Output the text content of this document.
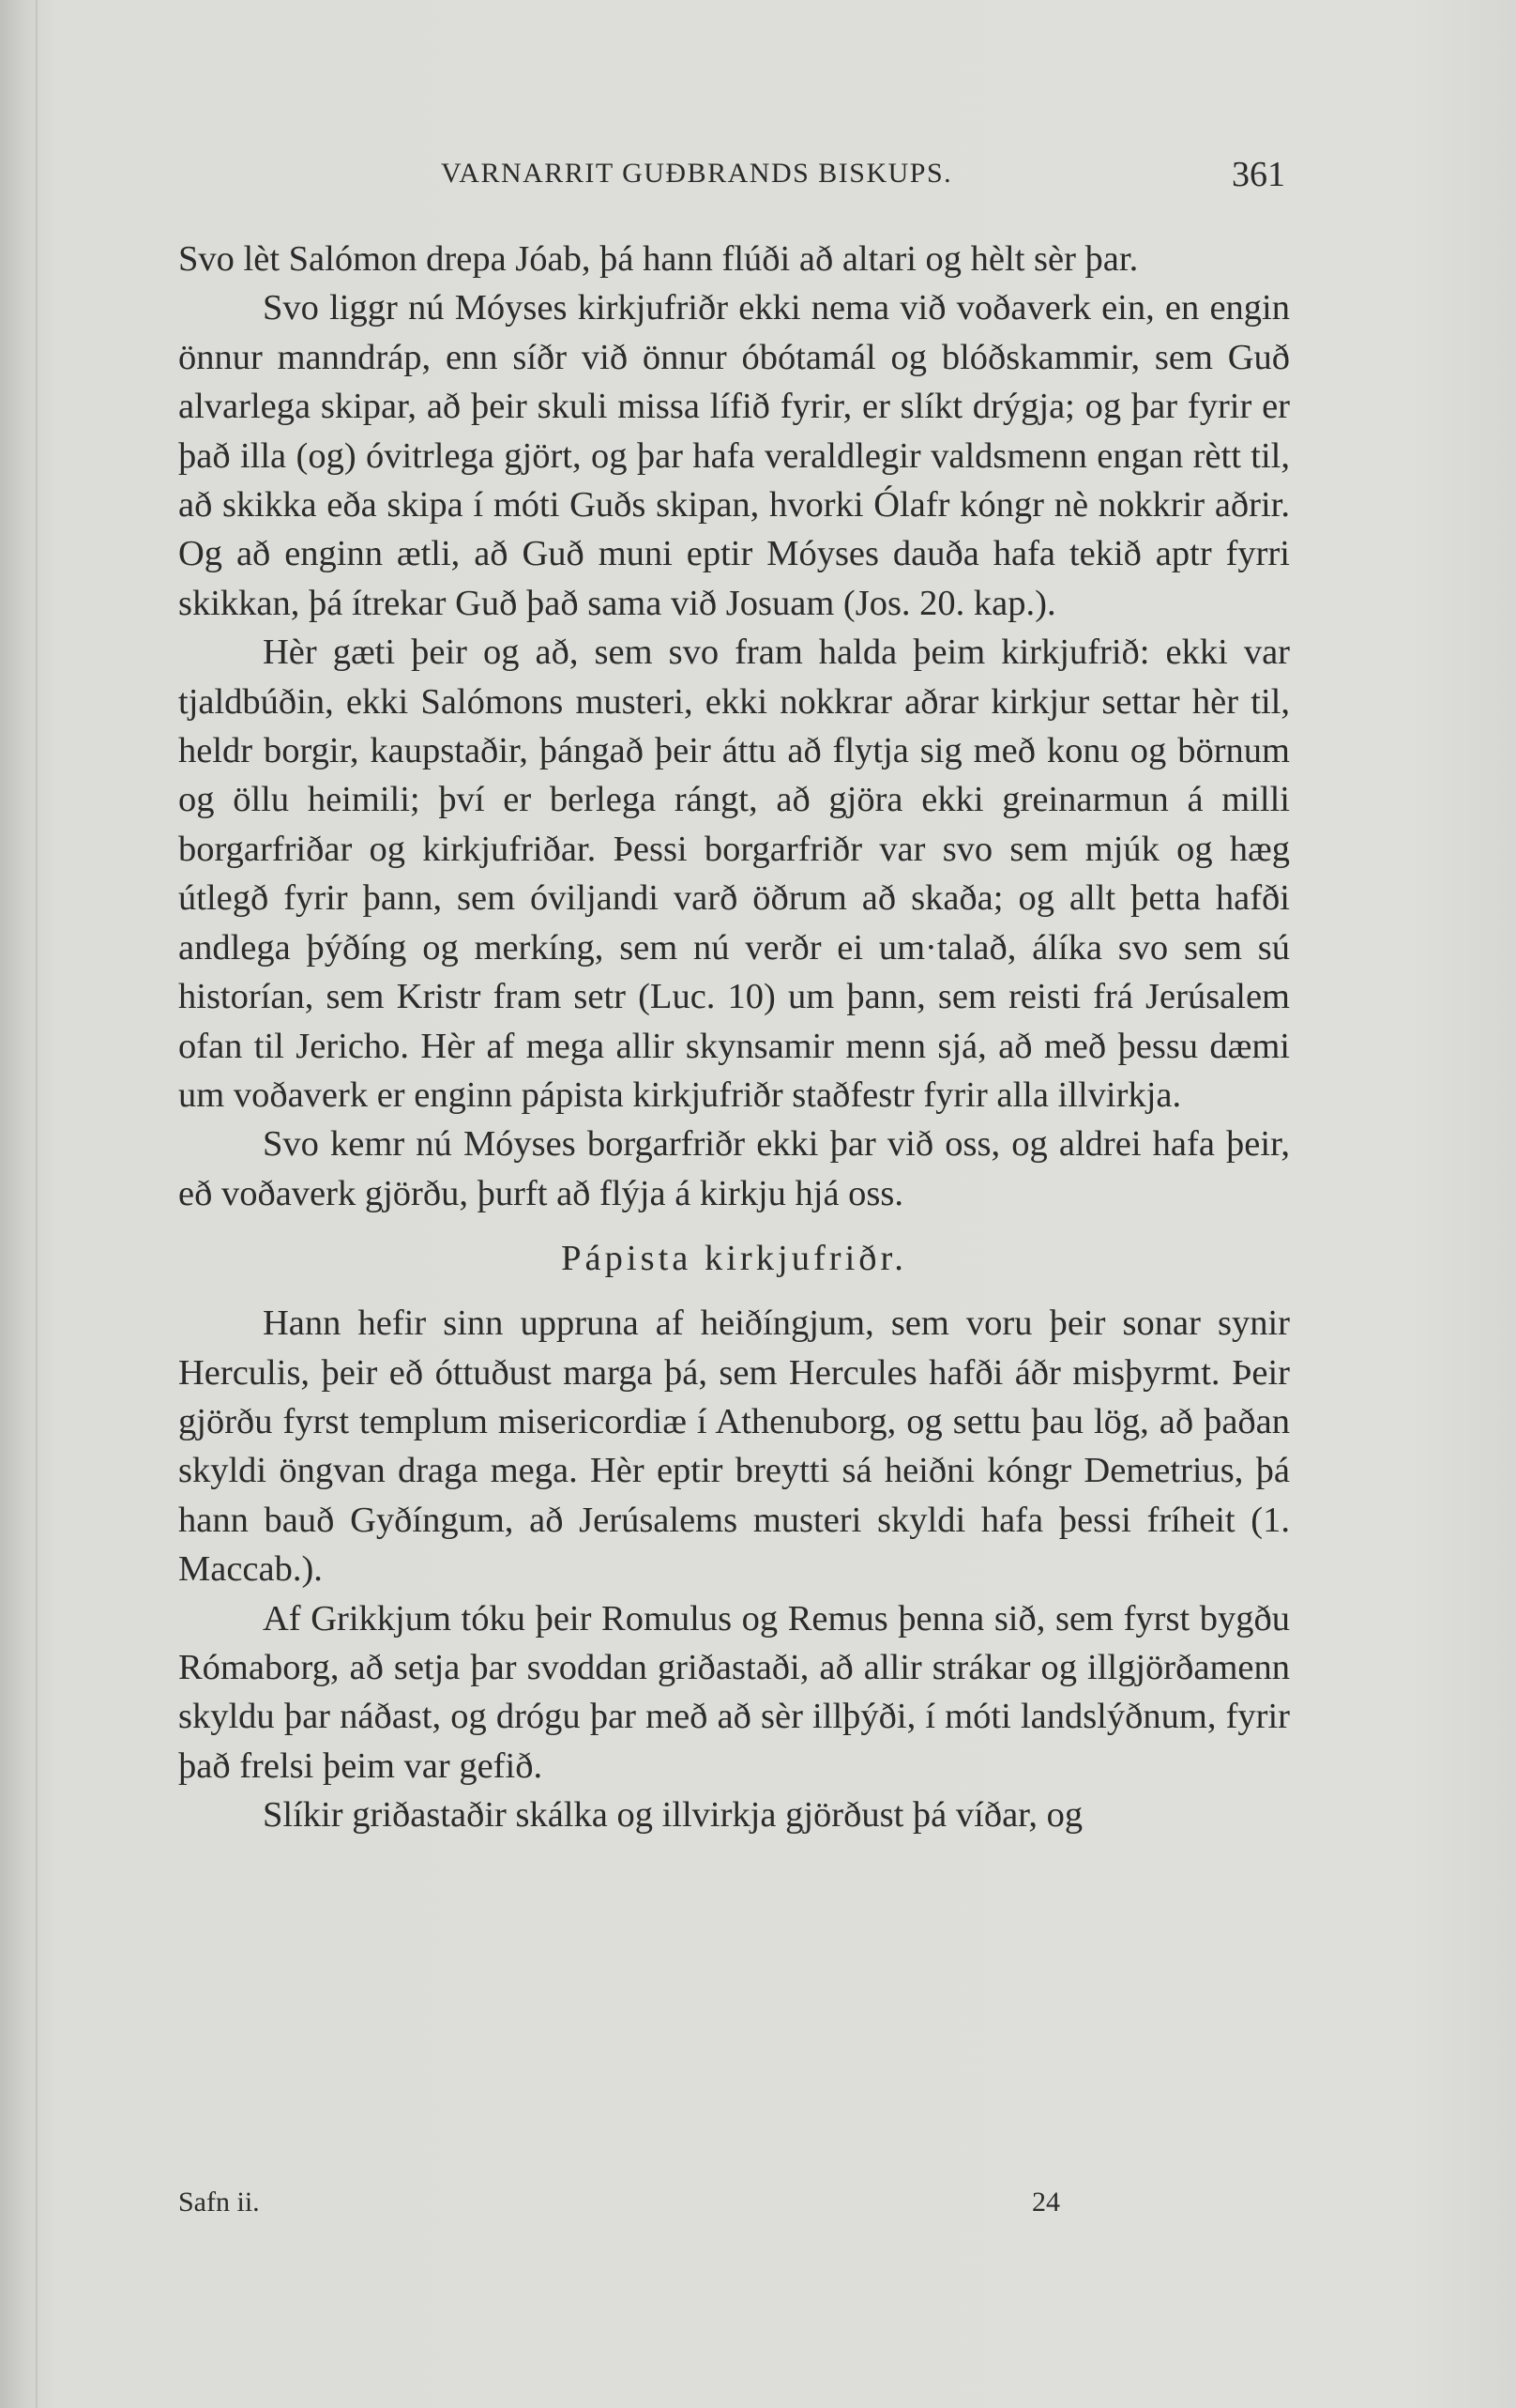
VARNARRIT GUÐBRANDS BISKUPS.	361

Svo lèt Salómon drepa Jóab, þá hann flúði að altari og hèlt sèr þar.

Svo liggr nú Móyses kirkjufriðr ekki nema við voðaverk ein, en engin önnur manndráp, enn síðr við önnur óbótamál og blóðskammir, sem Guð alvarlega skipar, að þeir skuli missa lífið fyrir, er slíkt drýgja; og þar fyrir er það illa (og) óvitrlega gjört, og þar hafa veraldlegir valdsmenn engan rètt til, að skikka eða skipa í móti Guðs skipan, hvorki Ólafr kóngr nè nokkrir aðrir. Og að enginn ætli, að Guð muni eptir Móyses dauða hafa tekið aptr fyrri skikkan, þá ítrekar Guð það sama við Josuam (Jos. 20. kap.).

Hèr gæti þeir og að, sem svo fram halda þeim kirkjufrið: ekki var tjaldbúðin, ekki Salómons musteri, ekki nokkrar aðrar kirkjur settar hèr til, heldr borgir, kaupstaðir, þángað þeir áttu að flytja sig með konu og börnum og öllu heimili; því er berlega rángt, að gjöra ekki greinarmun á milli borgarfriðar og kirkjufriðar. Þessi borgarfriðr var svo sem mjúk og hæg útlegð fyrir þann, sem óviljandi varð öðrum að skaða; og allt þetta hafði andlega þýðíng og merkíng, sem nú verðr ei um·talað, álíka svo sem sú historían, sem Kristr fram setr (Luc. 10) um þann, sem reisti frá Jerúsalem ofan til Jericho. Hèr af mega allir skynsamir menn sjá, að með þessu dæmi um voðaverk er enginn pápista kirkjufriðr staðfestr fyrir alla illvirkja.

Svo kemr nú Móyses borgarfriðr ekki þar við oss, og aldrei hafa þeir, eð voðaverk gjörðu, þurft að flýja á kirkju hjá oss.

Pápista kirkjufriðr.

Hann hefir sinn uppruna af heiðíngjum, sem voru þeir sonar synir Herculis, þeir eð óttuðust marga þá, sem Hercules hafði áðr misþyrmt. Þeir gjörðu fyrst templum misericordiæ í Athenuborg, og settu þau lög, að þaðan skyldi öngvan draga mega. Hèr eptir breytti sá heiðni kóngr Demetrius, þá hann bauð Gyðíngum, að Jerúsalems musteri skyldi hafa þessi fríheit (1. Maccab.).

Af Grikkjum tóku þeir Romulus og Remus þenna sið, sem fyrst bygðu Rómaborg, að setja þar svoddan griðastaði, að allir strákar og illgjörðamenn skyldu þar náðast, og drógu þar með að sèr illþýði, í móti landslýðnum, fyrir það frelsi þeim var gefið.

Slíkir griðastaðir skálka og illvirkja gjörðust þá víðar, og

Safn ii.	24
